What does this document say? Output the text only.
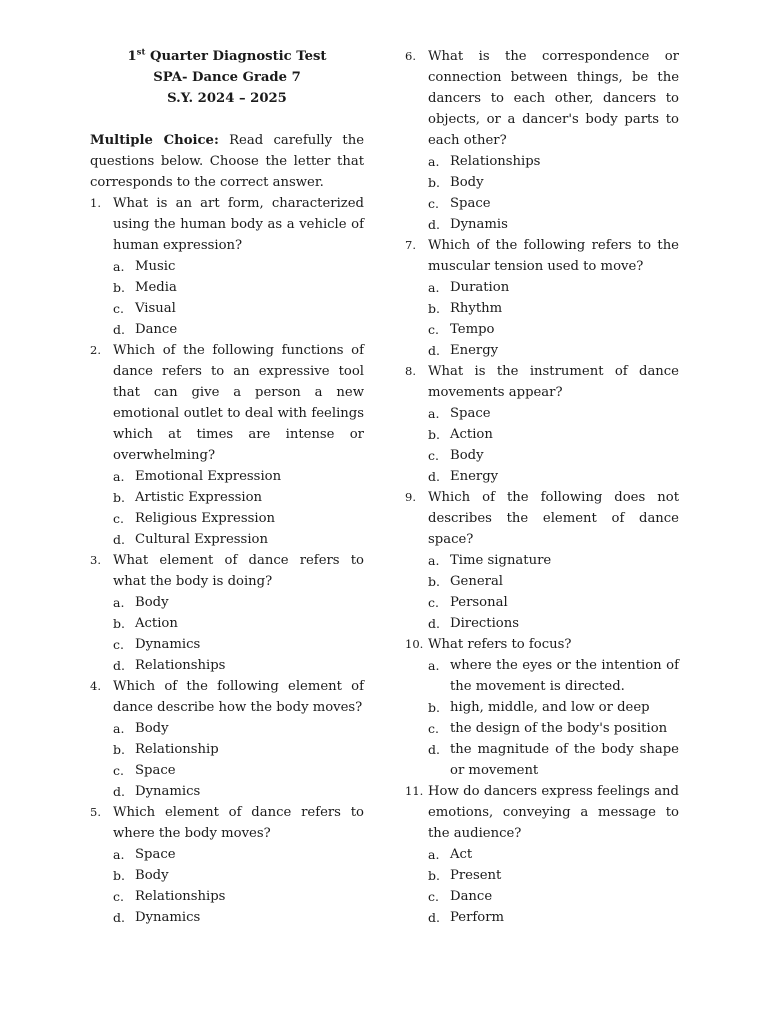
1st Quarter Diagnostic Test
SPA- Dance Grade 7
S.Y. 2024 – 2025
Multiple Choice: Read carefully the questions below. Choose the letter that corresponds to the correct answer.
1. What is an art form, characterized using the human body as a vehicle of human expression?
a. Music
b. Media
c. Visual
d. Dance
2. Which of the following functions of dance refers to an expressive tool that can give a person a new emotional outlet to deal with feelings which at times are intense or overwhelming?
a. Emotional Expression
b. Artistic Expression
c. Religious Expression
d. Cultural Expression
3. What element of dance refers to what the body is doing?
a. Body
b. Action
c. Dynamics
d. Relationships
4. Which of the following element of dance describe how the body moves?
a. Body
b. Relationship
c. Space
d. Dynamics
5. Which element of dance refers to where the body moves?
a. Space
b. Body
c. Relationships
d. Dynamics
6. What is the correspondence or connection between things, be the dancers to each other, dancers to objects, or a dancer's body parts to each other?
a. Relationships
b. Body
c. Space
d. Dynamis
7. Which of the following refers to the muscular tension used to move?
a. Duration
b. Rhythm
c. Tempo
d. Energy
8. What is the instrument of dance movements appear?
a. Space
b. Action
c. Body
d. Energy
9. Which of the following does not describes the element of dance space?
a. Time signature
b. General
c. Personal
d. Directions
10. What refers to focus?
a. where the eyes or the intention of the movement is directed.
b. high, middle, and low or deep
c. the design of the body's position
d. the magnitude of the body shape or movement
11. How do dancers express feelings and emotions, conveying a message to the audience?
a. Act
b. Present
c. Dance
d. Perform
